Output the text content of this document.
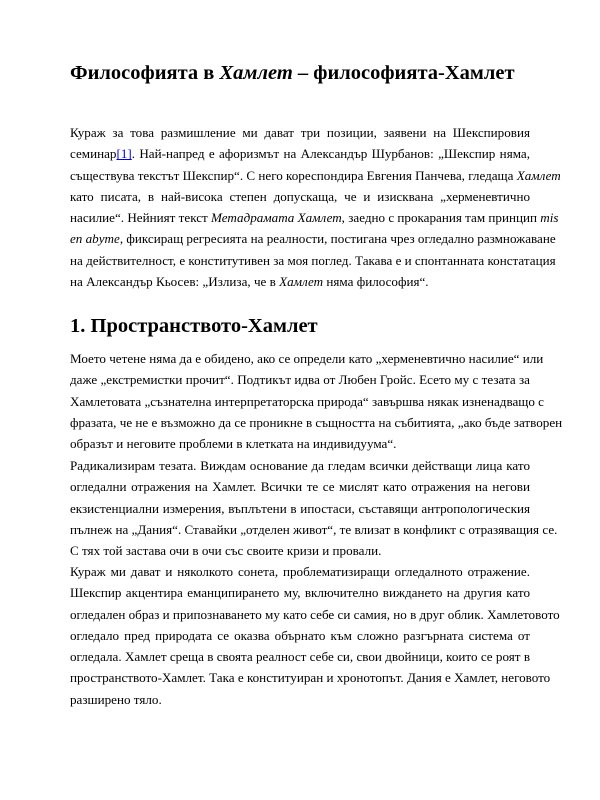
Философията в Хамлет – философията-Хамлет
Кураж за това размишление ми дават три позиции, заявени на Шекспировия
семинар[1]. Най-напред е афоризмът на Александър Шурбанов: „Шекспир няма,
съществува текстът Шекспир“. С него кореспондира Евгения Панчева, гледаща Хамлет
като писата, в най-висока степен допускаща, че и изисквана „херменевтично
насилие“. Нейният текст Метадрамата Хамлет, заедно с прокарания там принцип mis
en abyme, фиксиращ регресията на реалности, постигана чрез огледално размножаване
на действителност, е конститутивен за моя поглед. Такава е и спонтанната констатация
на Александър Кьосев: „Излиза, че в Хамлет няма философия“.
1. Пространството-Хамлет
Моето четене няма да е обидено, ако се определи като „херменевтично насилие“ или
даже „екстремистки прочит“. Подтикът идва от Любен Гройс. Есето му с тезата за
Хамлетовата „съзнателна интерпретаторска природа“ завършва някак изненадващо с
фразата, че не е възможно да се проникне в същността на събитията, „ако бъде затворен
образът и неговите проблеми в клетката на индивидуума“.
Радикализирам тезата. Виждам основание да гледам всички действащи лица като
огледални отражения на Хамлет. Всички те се мислят като отражения на негови
екзистенциални измерения, въплътени в ипостаси, съставящи антропологическия
пълнеж на „Дания“. Ставайки „отделен живот“, те влизат в конфликт с отразяващия се.
С тях той застава очи в очи със своите кризи и провали.
Кураж ми дават и няколкото сонета, проблематизиращи огледалното отражение.
Шекспир акцентира еманципирането му, включително виждането на другия като
огледален образ и припознаването му като себе си самия, но в друг облик. Хамлетовото
огледало пред природата се оказва обърнато към сложно разгърната система от
огледала. Хамлет среща в своята реалност себе си, свои двойници, които се роят в
пространството-Хамлет. Така е конституиран и хронотопът. Дания е Хамлет, неговото
разширено тяло.
